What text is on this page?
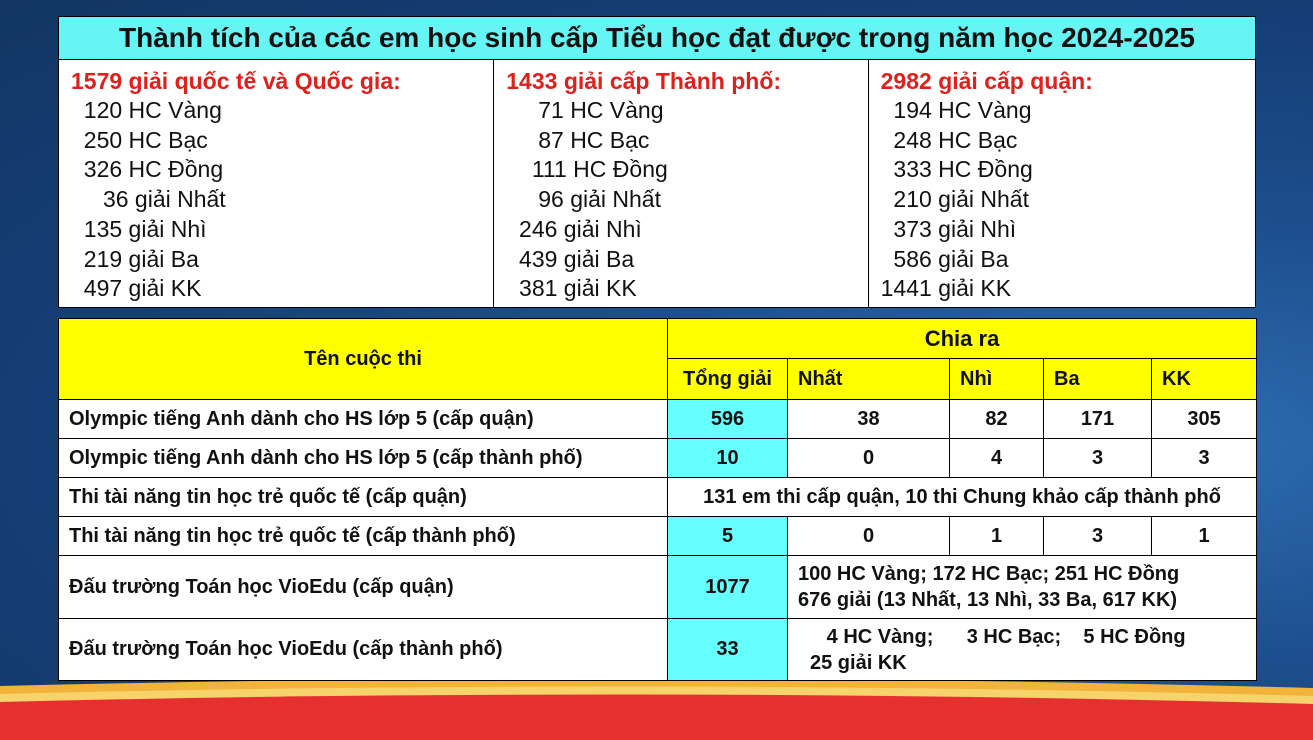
Thành tích của các em học sinh cấp Tiểu học đạt được trong năm học 2024-2025
1579 giải quốc tế và Quốc gia:
120 HC Vàng
250 HC Bạc
326 HC Đồng
36 giải Nhất
135 giải Nhì
219 giải Ba
497 giải KK
1433 giải cấp Thành phố:
71 HC Vàng
87 HC Bạc
111 HC Đồng
96 giải Nhất
246 giải Nhì
439 giải Ba
381 giải KK
2982 giải cấp quận:
194 HC Vàng
248 HC Bạc
333 HC Đồng
210 giải Nhất
373 giải Nhì
586 giải Ba
1441 giải KK
Tên cuộc thi	Chia ra				
	Tổng giải	Nhất	Nhì	Ba	KK
Olympic tiếng Anh dành cho HS lớp 5 (cấp quận)	596	38	82	171	305
Olympic tiếng Anh dành cho HS lớp 5 (cấp thành phố)	10	0	4	3	3
Thi tài năng tin học trẻ quốc tế (cấp quận)	131 em thi cấp quận, 10 thi Chung khảo cấp thành phố				
Thi tài năng tin học trẻ quốc tế (cấp thành phố)	5	0	1	3	1
Đấu trường Toán học VioEdu (cấp quận)	1077	100 HC Vàng; 172 HC Bạc; 251 HC Đồng
676 giải (13 Nhất, 13 Nhì, 33 Ba, 617 KK)			

Đấu trường Toán học VioEdu (cấp thành phố)	33	4 HC Vàng;      3 HC Bạc;    5 HC Đồng
25 giải KK			
